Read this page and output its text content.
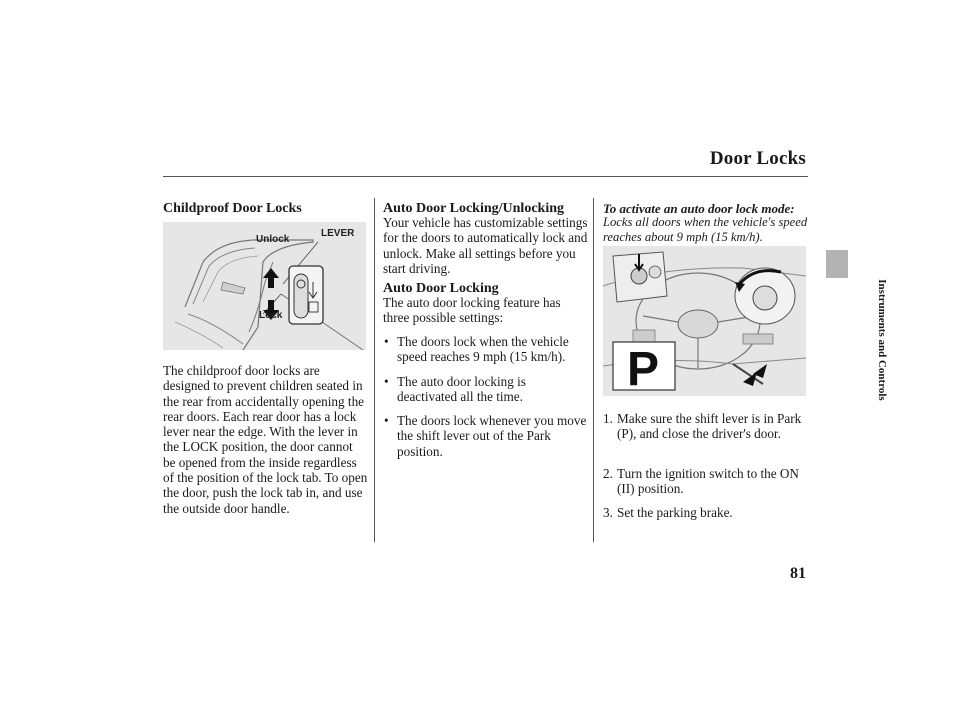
Door Locks
Instruments and Controls
Childproof Door Locks
Unlock
LEVER
Lock
The childproof door locks are designed to prevent children seated in the rear from accidentally opening the rear doors. Each rear door has a lock lever near the edge. With the lever in the LOCK position, the door cannot be opened from the inside regardless of the position of the lock tab. To open the door, push the lock tab in, and use the outside door handle.
Auto Door Locking/Unlocking
Your vehicle has customizable settings for the doors to automatically lock and unlock. Make all settings before you start driving.
Auto Door Locking
The auto door locking feature has three possible settings:
• The doors lock when the vehicle speed reaches 9 mph (15 km/h).
• The auto door locking is deactivated all the time.
• The doors lock whenever you move the shift lever out of the Park position.
To activate an auto door lock mode:
Locks all doors when the vehicle's speed reaches about 9 mph (15 km/h).
P
1. Make sure the shift lever is in Park (P), and close the driver's door.
2. Turn the ignition switch to the ON (II) position.
3. Set the parking brake.
81
